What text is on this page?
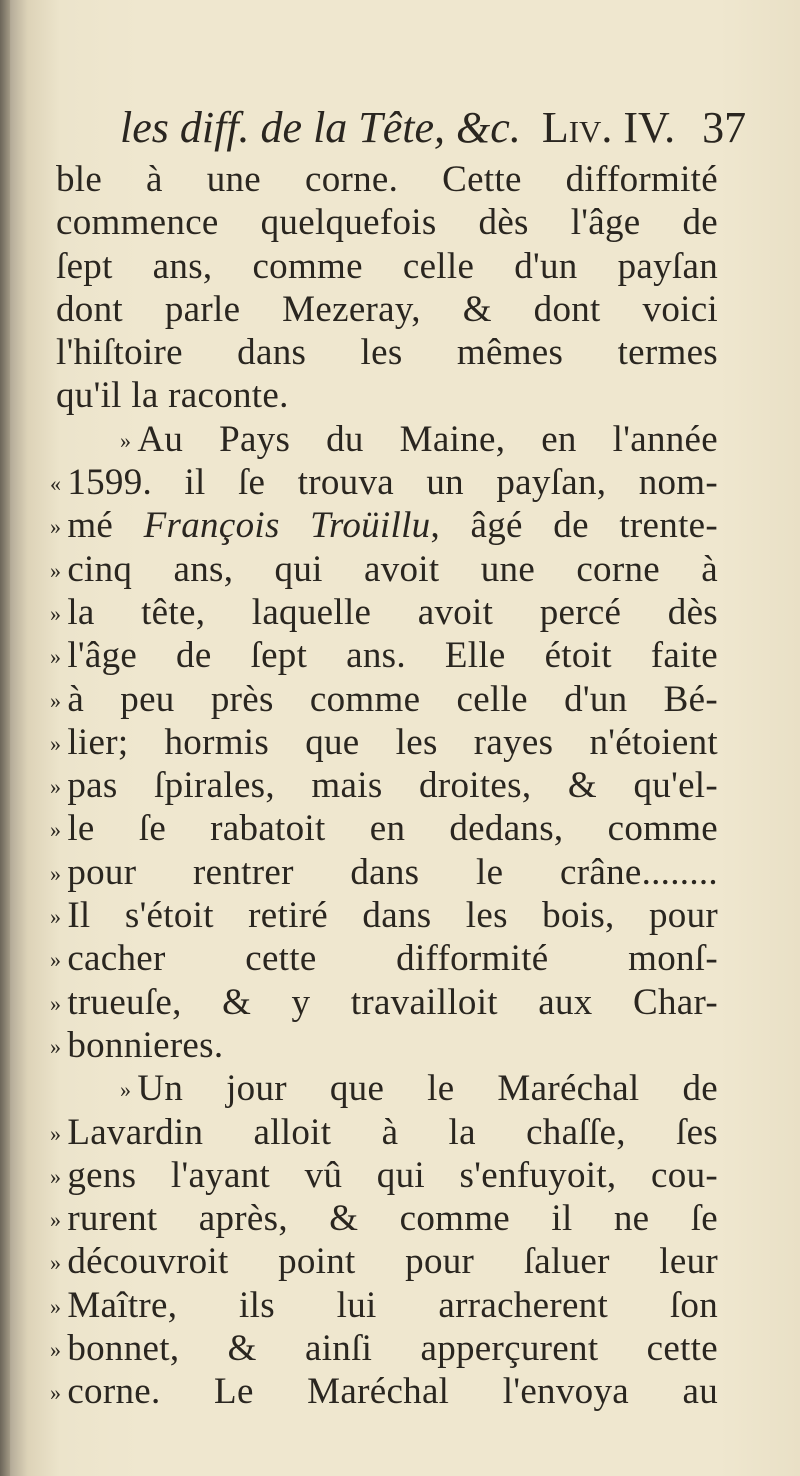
les diff. de la Tête, &c. Liv. IV. 37
ble à une corne. Cette difformité
commence quelquefois dès l'âge de
ſept ans, comme celle d'un payſan
dont parle Mezeray, & dont voici
l'hiſtoire dans les mêmes termes
qu'il la raconte.
» Au Pays du Maine, en l'année
« 1599. il ſe trouva un payſan, nom-
» mé François Troüillu, âgé de trente-
» cinq ans, qui avoit une corne à
» la tête, laquelle avoit percé dès
» l'âge de ſept ans. Elle étoit faite
» à peu près comme celle d'un Bé-
» lier; hormis que les rayes n'étoient
» pas ſpirales, mais droites, & qu'el-
» le ſe rabatoit en dedans, comme
» pour rentrer dans le crâne........
» Il s'étoit retiré dans les bois, pour
» cacher cette difformité monſ-
» trueuſe, & y travailloit aux Char-
» bonnieres.
» Un jour que le Maréchal de
» Lavardin alloit à la chaſſe, ſes
» gens l'ayant vû qui s'enfuyoit, cou-
» rurent après, & comme il ne ſe
» découvroit point pour ſaluer leur
» Maître, ils lui arracherent ſon
» bonnet, & ainſi apperçurent cette
» corne. Le Maréchal l'envoya au
